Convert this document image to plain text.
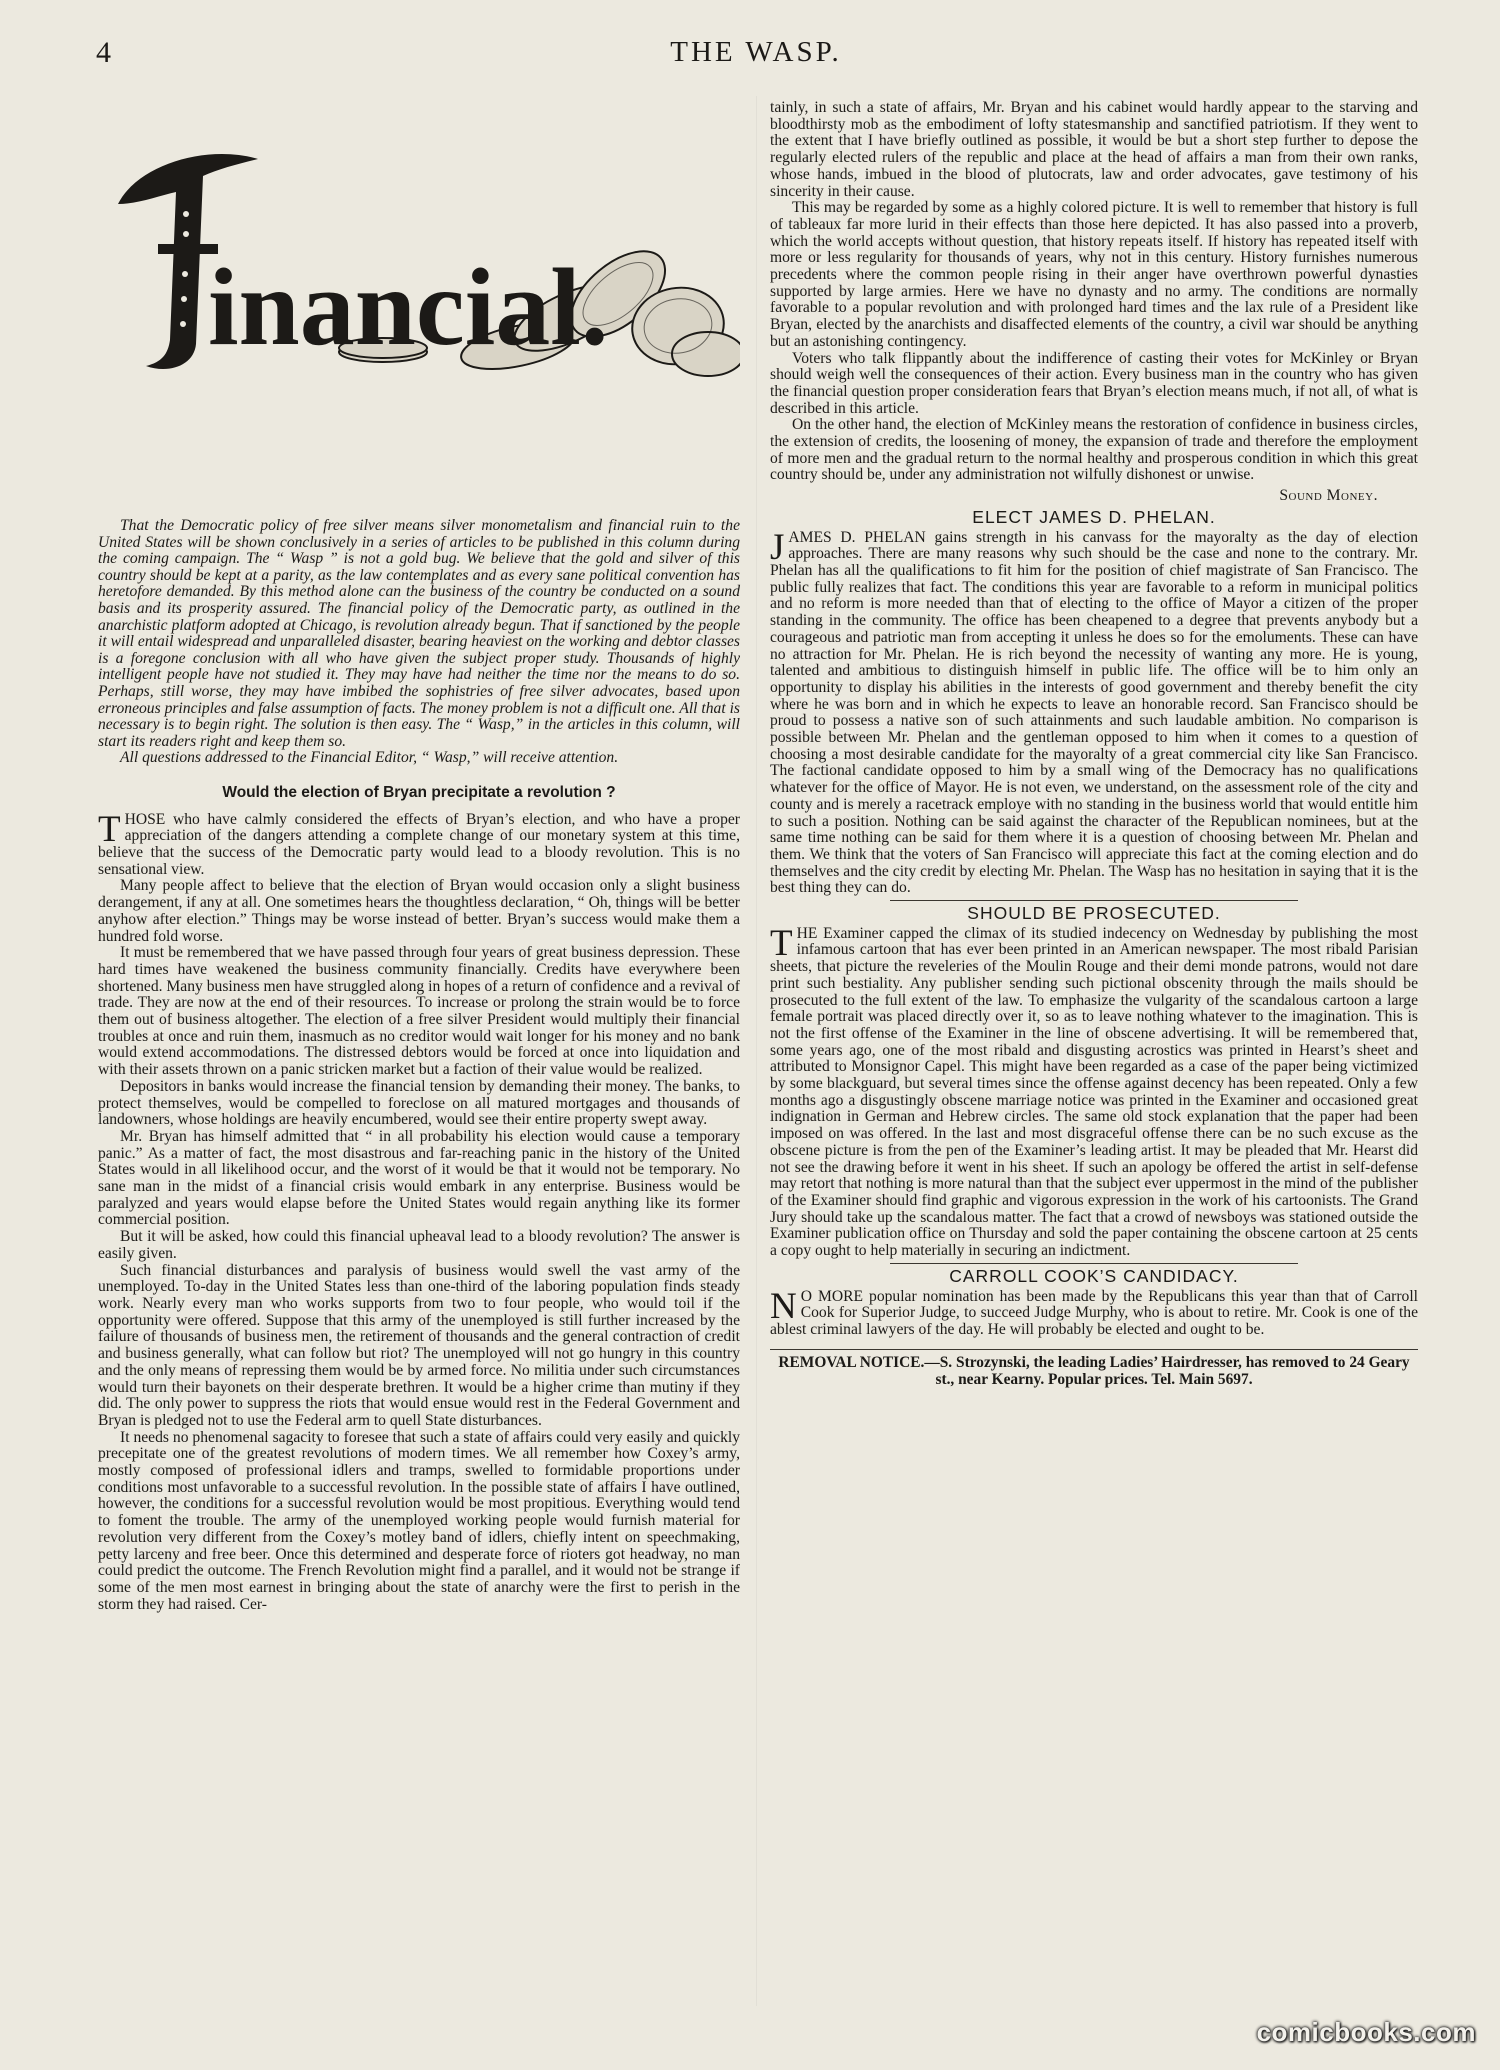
4	THE WASP.
inancial.

That the Democratic policy of free silver means silver monometalism and financial ruin to the United States will be shown conclusively in a series of articles to be published in this column during the coming campaign. The “ Wasp ” is not a gold bug. We believe that the gold and silver of this country should be kept at a parity, as the law contemplates and as every sane political convention has heretofore demanded. By this method alone can the business of the country be conducted on a sound basis and its prosperity assured. The financial policy of the Democratic party, as outlined in the anarchistic platform adopted at Chicago, is revolution already begun. That if sanctioned by the people it will entail widespread and unparalleled disaster, bearing heaviest on the working and debtor classes is a foregone conclusion with all who have given the subject proper study. Thousands of highly intelligent people have not studied it. They may have had neither the time nor the means to do so. Perhaps, still worse, they may have imbibed the sophistries of free silver advocates, based upon erroneous principles and false assumption of facts. The money problem is not a difficult one. All that is necessary is to begin right. The solution is then easy. The “ Wasp,” in the articles in this column, will start its readers right and keep them so.

All questions addressed to the Financial Editor, “ Wasp,” will receive attention.

Would the election of Bryan precipitate a revolution ?

THOSE who have calmly considered the effects of Bryan’s election, and who have a proper appreciation of the dangers attending a complete change of our monetary system at this time, believe that the success of the Democratic party would lead to a bloody revolution. This is no sensational view.

Many people affect to believe that the election of Bryan would occasion only a slight business derangement, if any at all. One sometimes hears the thoughtless declaration, “ Oh, things will be better anyhow after election.” Things may be worse instead of better. Bryan’s success would make them a hundred fold worse.

It must be remembered that we have passed through four years of great business depression. These hard times have weakened the business community financially. Credits have everywhere been shortened. Many business men have struggled along in hopes of a return of confidence and a revival of trade. They are now at the end of their resources. To increase or prolong the strain would be to force them out of business altogether. The election of a free silver President would multiply their financial troubles at once and ruin them, inasmuch as no creditor would wait longer for his money and no bank would extend accommodations. The distressed debtors would be forced at once into liquidation and with their assets thrown on a panic stricken market but a faction of their value would be realized.

Depositors in banks would increase the financial tension by demanding their money. The banks, to protect themselves, would be compelled to foreclose on all matured mortgages and thousands of landowners, whose holdings are heavily encumbered, would see their entire property swept away.

Mr. Bryan has himself admitted that “ in all probability his election would cause a temporary panic.” As a matter of fact, the most disastrous and far-reaching panic in the history of the United States would in all likelihood occur, and the worst of it would be that it would not be temporary. No sane man in the midst of a financial crisis would embark in any enterprise. Business would be paralyzed and years would elapse before the United States would regain anything like its former commercial position.

But it will be asked, how could this financial upheaval lead to a bloody revolution? The answer is easily given.

Such financial disturbances and paralysis of business would swell the vast army of the unemployed. To-day in the United States less than one-third of the laboring population finds steady work. Nearly every man who works supports from two to four people, who would toil if the opportunity were offered. Suppose that this army of the unemployed is still further increased by the failure of thousands of business men, the retirement of thousands and the general contraction of credit and business generally, what can follow but riot? The unemployed will not go hungry in this country and the only means of repressing them would be by armed force. No militia under such circumstances would turn their bayonets on their desperate brethren. It would be a higher crime than mutiny if they did. The only power to suppress the riots that would ensue would rest in the Federal Government and Bryan is pledged not to use the Federal arm to quell State disturbances.

It needs no phenomenal sagacity to foresee that such a state of affairs could very easily and quickly precepitate one of the greatest revolutions of modern times. We all remember how Coxey’s army, mostly composed of professional idlers and tramps, swelled to formidable proportions under conditions most unfavorable to a successful revolution. In the possible state of affairs I have outlined, however, the conditions for a successful revolution would be most propitious. Everything would tend to foment the trouble. The army of the unemployed working people would furnish material for revolution very different from the Coxey’s motley band of idlers, chiefly intent on speechmaking, petty larceny and free beer. Once this determined and desperate force of rioters got headway, no man could predict the outcome. The French Revolution might find a parallel, and it would not be strange if some of the men most earnest in bringing about the state of anarchy were the first to perish in the storm they had raised. Cer-

tainly, in such a state of affairs, Mr. Bryan and his cabinet would hardly appear to the starving and bloodthirsty mob as the embodiment of lofty statesmanship and sanctified patriotism. If they went to the extent that I have briefly outlined as possible, it would be but a short step further to depose the regularly elected rulers of the republic and place at the head of affairs a man from their own ranks, whose hands, imbued in the blood of plutocrats, law and order advocates, gave testimony of his sincerity in their cause.

This may be regarded by some as a highly colored picture. It is well to remember that history is full of tableaux far more lurid in their effects than those here depicted. It has also passed into a proverb, which the world accepts without question, that history repeats itself. If history has repeated itself with more or less regularity for thousands of years, why not in this century. History furnishes numerous precedents where the common people rising in their anger have overthrown powerful dynasties supported by large armies. Here we have no dynasty and no army. The conditions are normally favorable to a popular revolution and with prolonged hard times and the lax rule of a President like Bryan, elected by the anarchists and disaffected elements of the country, a civil war should be anything but an astonishing contingency.

Voters who talk flippantly about the indifference of casting their votes for McKinley or Bryan should weigh well the consequences of their action. Every business man in the country who has given the financial question proper consideration fears that Bryan’s election means much, if not all, of what is described in this article.

On the other hand, the election of McKinley means the restoration of confidence in business circles, the extension of credits, the loosening of money, the expansion of trade and therefore the employment of more men and the gradual return to the normal healthy and prosperous condition in which this great country should be, under any administration not wilfully dishonest or unwise.

Sound Money.
ELECT JAMES D. PHELAN.

JAMES D. PHELAN gains strength in his canvass for the mayoralty as the day of election approaches. There are many reasons why such should be the case and none to the contrary. Mr. Phelan has all the qualifications to fit him for the position of chief magistrate of San Francisco. The public fully realizes that fact. The conditions this year are favorable to a reform in municipal politics and no reform is more needed than that of electing to the office of Mayor a citizen of the proper standing in the community. The office has been cheapened to a degree that prevents anybody but a courageous and patriotic man from accepting it unless he does so for the emoluments. These can have no attraction for Mr. Phelan. He is rich beyond the necessity of wanting any more. He is young, talented and ambitious to distinguish himself in public life. The office will be to him only an opportunity to display his abilities in the interests of good government and thereby benefit the city where he was born and in which he expects to leave an honorable record. San Francisco should be proud to possess a native son of such attainments and such laudable ambition. No comparison is possible between Mr. Phelan and the gentleman opposed to him when it comes to a question of choosing a most desirable candidate for the mayoralty of a great commercial city like San Francisco. The factional candidate opposed to him by a small wing of the Democracy has no qualifications whatever for the office of Mayor. He is not even, we understand, on the assessment role of the city and county and is merely a racetrack employe with no standing in the business world that would entitle him to such a position. Nothing can be said against the character of the Republican nominees, but at the same time nothing can be said for them where it is a question of choosing between Mr. Phelan and them. We think that the voters of San Francisco will appreciate this fact at the coming election and do themselves and the city credit by electing Mr. Phelan. The Wasp has no hesitation in saying that it is the best thing they can do.

SHOULD BE PROSECUTED.

THE Examiner capped the climax of its studied indecency on Wednesday by publishing the most infamous cartoon that has ever been printed in an American newspaper. The most ribald Parisian sheets, that picture the reveleries of the Moulin Rouge and their demi monde patrons, would not dare print such bestiality. Any publisher sending such pictional obscenity through the mails should be prosecuted to the full extent of the law. To emphasize the vulgarity of the scandalous cartoon a large female portrait was placed directly over it, so as to leave nothing whatever to the imagination. This is not the first offense of the Examiner in the line of obscene advertising. It will be remembered that, some years ago, one of the most ribald and disgusting acrostics was printed in Hearst’s sheet and attributed to Monsignor Capel. This might have been regarded as a case of the paper being victimized by some blackguard, but several times since the offense against decency has been repeated. Only a few months ago a disgustingly obscene marriage notice was printed in the Examiner and occasioned great indignation in German and Hebrew circles. The same old stock explanation that the paper had been imposed on was offered. In the last and most disgraceful offense there can be no such excuse as the obscene picture is from the pen of the Examiner’s leading artist. It may be pleaded that Mr. Hearst did not see the drawing before it went in his sheet. If such an apology be offered the artist in self-defense may retort that nothing is more natural than that the subject ever uppermost in the mind of the publisher of the Examiner should find graphic and vigorous expression in the work of his cartoonists. The Grand Jury should take up the scandalous matter. The fact that a crowd of newsboys was stationed outside the Examiner publication office on Thursday and sold the paper containing the obscene cartoon at 25 cents a copy ought to help materially in securing an indictment.

CARROLL COOK’S CANDIDACY.

N O MORE popular nomination has been made by the Republicans this year than that of Carroll Cook for Superior Judge, to succeed Judge Murphy, who is about to retire. Mr. Cook is one of the ablest criminal lawyers of the day. He will probably be elected and ought to be.

REMOVAL NOTICE.—S. Strozynski, the leading Ladies’ Hairdresser, has removed to 24 Geary st., near Kearny. Popular prices. Tel. Main 5697.
comicbooks.com
